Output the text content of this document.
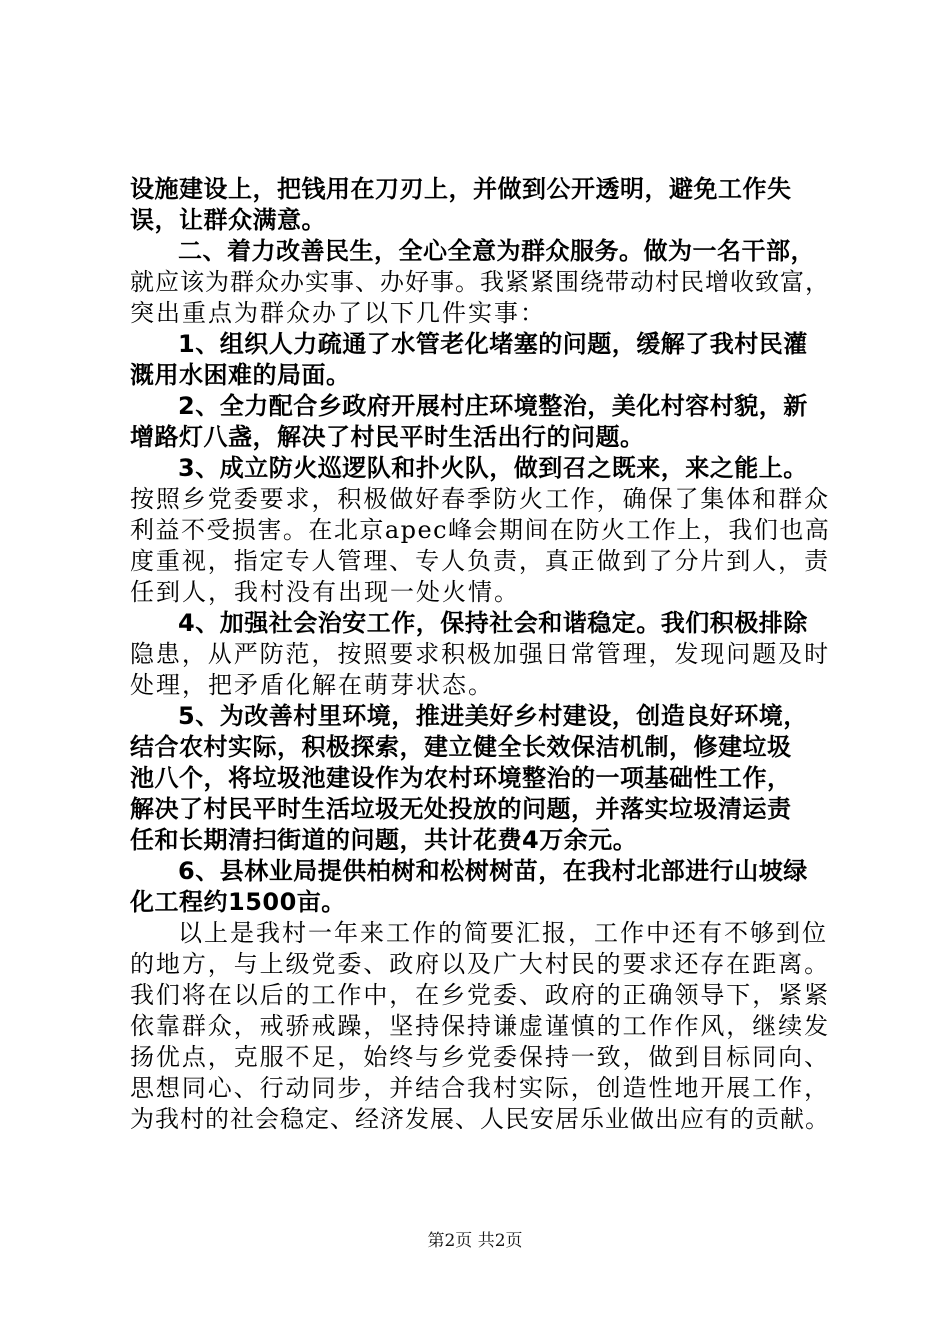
设施建设上，把钱用在刀刃上，并做到公开透明，避免工作失
误，让群众满意。
二、着力改善民生，全心全意为群众服务。做为一名干部，
就应该为群众办实事、办好事。我紧紧围绕带动村民增收致富，
突出重点为群众办了以下几件实事：
1、组织人力疏通了水管老化堵塞的问题，缓解了我村民灌
溉用水困难的局面。
2、全力配合乡政府开展村庄环境整治，美化村容村貌，新
增路灯八盏，解决了村民平时生活出行的问题。
3、成立防火巡逻队和扑火队，做到召之既来，来之能上。
按照乡党委要求，积极做好春季防火工作，确保了集体和群众
利益不受损害。在北京apec峰会期间在防火工作上，我们也高
度重视，指定专人管理、专人负责，真正做到了分片到人，责
任到人，我村没有出现一处火情。
4、加强社会治安工作，保持社会和谐稳定。我们积极排除
隐患，从严防范，按照要求积极加强日常管理，发现问题及时
处理，把矛盾化解在萌芽状态。
5、为改善村里环境，推进美好乡村建设，创造良好环境，
结合农村实际，积极探索，建立健全长效保洁机制，修建垃圾
池八个，将垃圾池建设作为农村环境整治的一项基础性工作，
解决了村民平时生活垃圾无处投放的问题，并落实垃圾清运责
任和长期清扫街道的问题，共计花费4万余元。
6、县林业局提供柏树和松树树苗，在我村北部进行山坡绿
化工程约1500亩。
以上是我村一年来工作的简要汇报，工作中还有不够到位
的地方，与上级党委、政府以及广大村民的要求还存在距离。
我们将在以后的工作中，在乡党委、政府的正确领导下，紧紧
依靠群众，戒骄戒躁，坚持保持谦虚谨慎的工作作风，继续发
扬优点，克服不足，始终与乡党委保持一致，做到目标同向、
思想同心、行动同步，并结合我村实际，创造性地开展工作，
为我村的社会稳定、经济发展、人民安居乐业做出应有的贡献。
第2页 共2页
